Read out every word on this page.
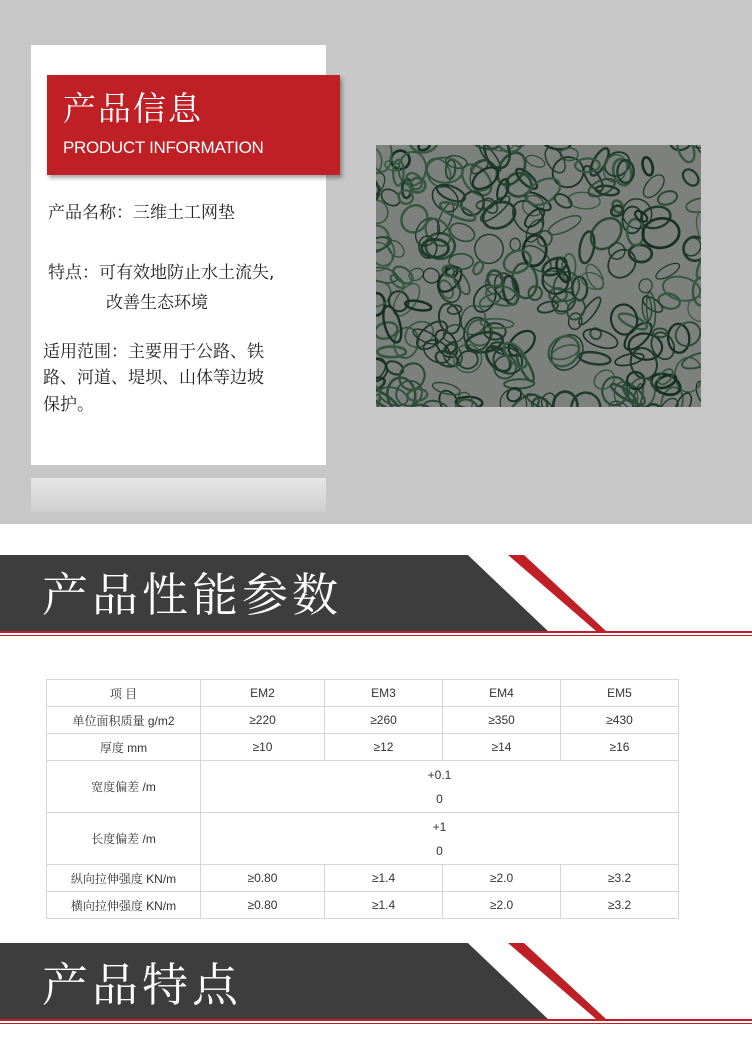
产品信息
PRODUCT INFORMATION
产品名称：三维土工网垫
特点：可有效地防止水土流失,
改善生态环境
适用范围：主要用于公路、铁
路、河道、堤坝、山体等边坡
保护。
产品性能参数
项 目	EM2	EM3	EM4	EM5
单位面积质量 g/m2	≥220	≥260	≥350	≥430
厚度 mm	≥10	≥12	≥14	≥16
宽度偏差 /m	+0.1
0			

长度偏差 /m	+1
0			

纵向拉伸强度 KN/m	≥0.80	≥1.4	≥2.0	≥3.2
横向拉伸强度 KN/m	≥0.80	≥1.4	≥2.0	≥3.2
产品特点
